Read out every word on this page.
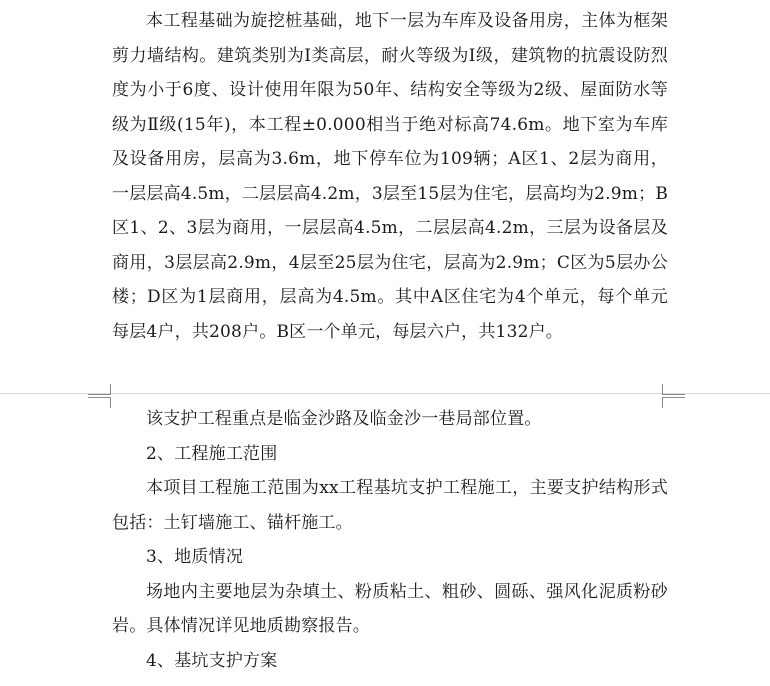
本工程基础为旋挖桩基础，地下一层为车库及设备用房，主体为框架剪力墙结构。建筑类别为Ⅰ类高层，耐火等级为Ⅰ级，建筑物的抗震设防烈度为小于6度、设计使用年限为50年、结构安全等级为2级、屋面防水等级为Ⅱ级(15年)，本工程±0.000相当于绝对标高74.6m。地下室为车库及设备用房，层高为3.6m，地下停车位为109辆；A区1、2层为商用，一层层高4.5m，二层层高4.2m，3层至15层为住宅，层高均为2.9m；B区1、2、3层为商用，一层层高4.5m，二层层高4.2m，三层为设备层及商用，3层层高2.9m，4层至25层为住宅，层高为2.9m；C区为5层办公楼；D区为1层商用，层高为4.5m。其中A区住宅为4个单元，每个单元每层4户，共208户。B区一个单元，每层六户，共132户。

该支护工程重点是临金沙路及临金沙一巷局部位置。

2、工程施工范围

本项目工程施工范围为xx工程基坑支护工程施工，主要支护结构形式包括：土钉墙施工、锚杆施工。

3、地质情况

场地内主要地层为杂填土、粉质粘土、粗砂、圆砾、强风化泥质粉砂岩。具体情况详见地质勘察报告。

4、基坑支护方案
